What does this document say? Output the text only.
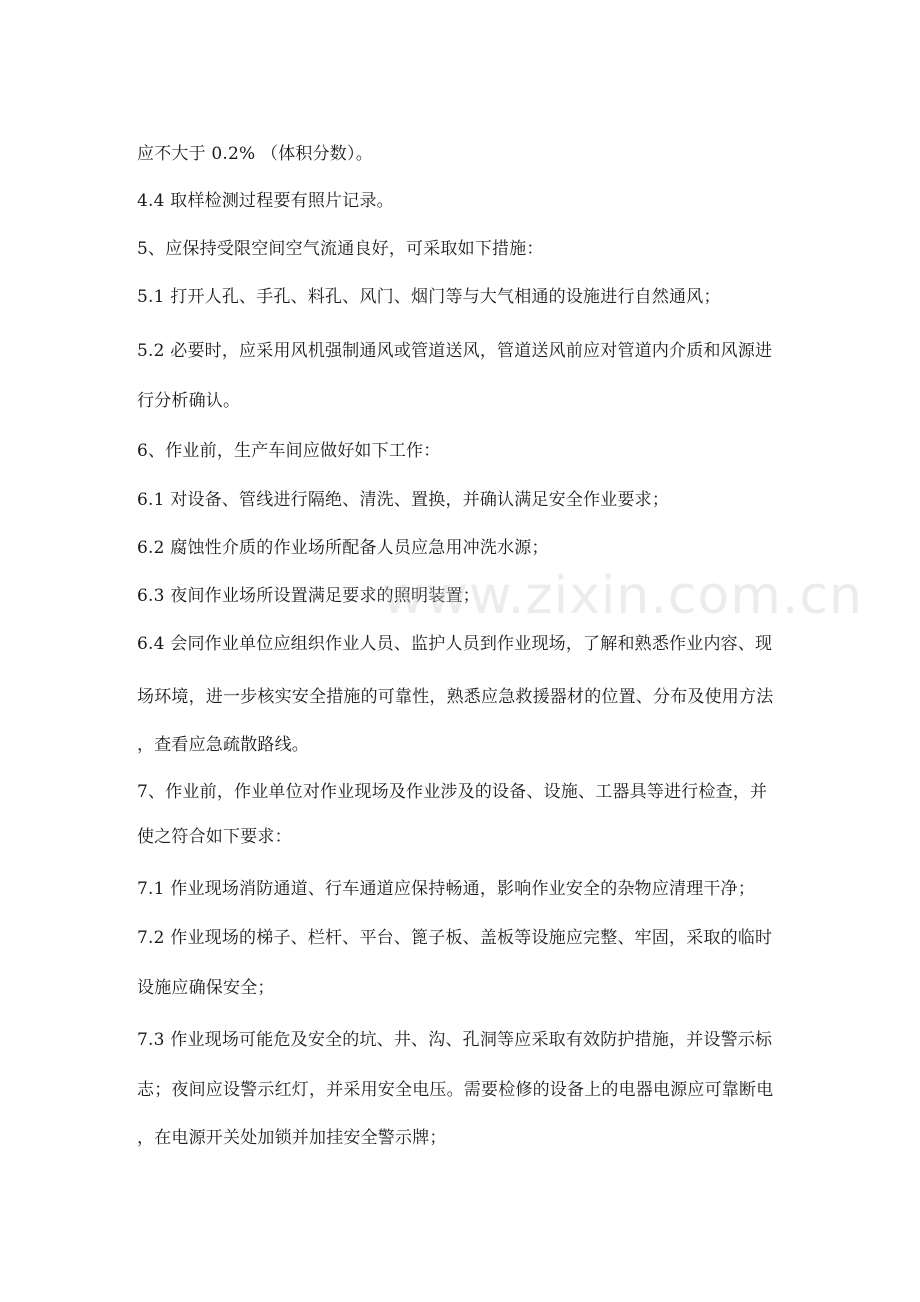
应不大于 0.2% （体积分数）。
4.4 取样检测过程要有照片记录。
5、应保持受限空间空气流通良好，可采取如下措施：
5.1 打开人孔、手孔、料孔、风门、烟门等与大气相通的设施进行自然通风；
5.2 必要时，应采用风机强制通风或管道送风，管道送风前应对管道内介质和风源进
行分析确认。
6、作业前，生产车间应做好如下工作：
6.1 对设备、管线进行隔绝、清洗、置换，并确认满足安全作业要求；
6.2 腐蚀性介质的作业场所配备人员应急用冲洗水源；
6.3 夜间作业场所设置满足要求的照明装置；
6.4 会同作业单位应组织作业人员、监护人员到作业现场，了解和熟悉作业内容、现
场环境，进一步核实安全措施的可靠性，熟悉应急救援器材的位置、分布及使用方法
，查看应急疏散路线。
7、作业前，作业单位对作业现场及作业涉及的设备、设施、工器具等进行检查，并
使之符合如下要求：
7.1 作业现场消防通道、行车通道应保持畅通，影响作业安全的杂物应清理干净；
7.2 作业现场的梯子、栏杆、平台、篦子板、盖板等设施应完整、牢固，采取的临时
设施应确保安全；
7.3 作业现场可能危及安全的坑、井、沟、孔洞等应采取有效防护措施，并设警示标
志；夜间应设警示红灯，并采用安全电压。需要检修的设备上的电器电源应可靠断电
，在电源开关处加锁并加挂安全警示牌；
www.zixin.com.cn
